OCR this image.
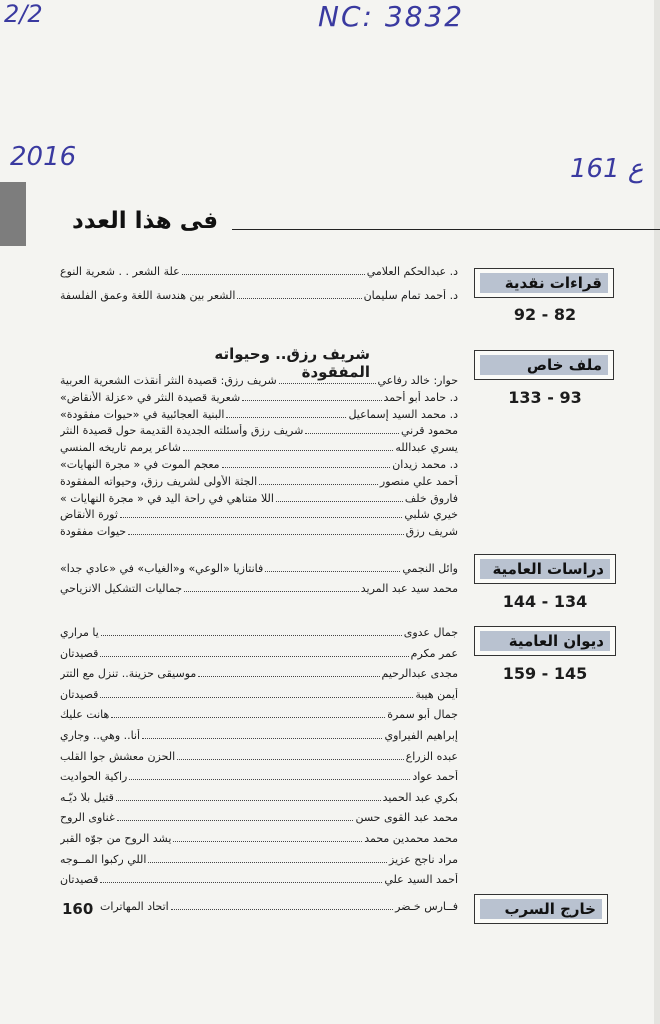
2/2	NC: 3832
2016	161 ع
فى هذا العدد
قراءات نقدية
92 - 82
علة الشعر . . شعرية النوع	د. عبدالحكم العلامي
الشعر بين هندسة اللغة وعمق الفلسفة	د. أحمد تمام سليمان
ملف خاص
133 - 93
شريف رزق.. وحيواته المفقودة
شريف رزق: قصيدة النثر أنقذت الشعرية العربية	حوار: خالد رفاعي
شعرية قصيدة النثر في «عزلة الأنقاض»	د. حامد أبو أحمد
البنية العجائبية في «حيوات مفقودة»	د. محمد السيد إسماعيل
شريف رزق وأسئلته الجديدة القديمة حول قصيدة النثر	محمود قرني
شاعر يرمم تاريخه المنسي	يسري عبدالله
معجم الموت في « مجرة النهايات»	د. محمد زيدان
الجثة الأولى لشريف رزق، وحيواته المفقودة	أحمد علي منصور
اللا متناهي في راحة اليد في « مجرة النهايات »	فاروق خلف
ثورة الأنقاض	خيري شلبي
حيوات مفقودة	شريف رزق
دراسات العامية
144 - 134
فانتازيا «الوعي» و«الغياب» في «عادي جدا»	وائل النجمي
جماليات التشكيل الانزياحي	محمد سيد عبد المريد
ديوان العامية
159 - 145
يا مراري	جمال عدوى
قصيدتان	عمر مكرم
موسيقى حزينة.. تنزل مع التتر	مجدى عبدالرحيم
قصيدتان	أيمن هيبة
هانت عليك	جمال أبو سمرة
أنا.. وهي.. وجاري	إبراهيم الفيراوي
الحزن معشش جوا القلب	عبده الزراع
راكية الحواديت	أحمد عواد
قتيل بلا ديّـه	بكري عبد الحميد
غناوى الروح	محمد عبد القوى حسن
يشد الروح من جوّه القبر	محمد محمدين محمد
اللي ركبوا المــوجه	مراد ناجح عزيز
قصيدتان	أحمد السيد علي
خارج السرب
160 اتحاد المهاترات	فــارس خـضر
